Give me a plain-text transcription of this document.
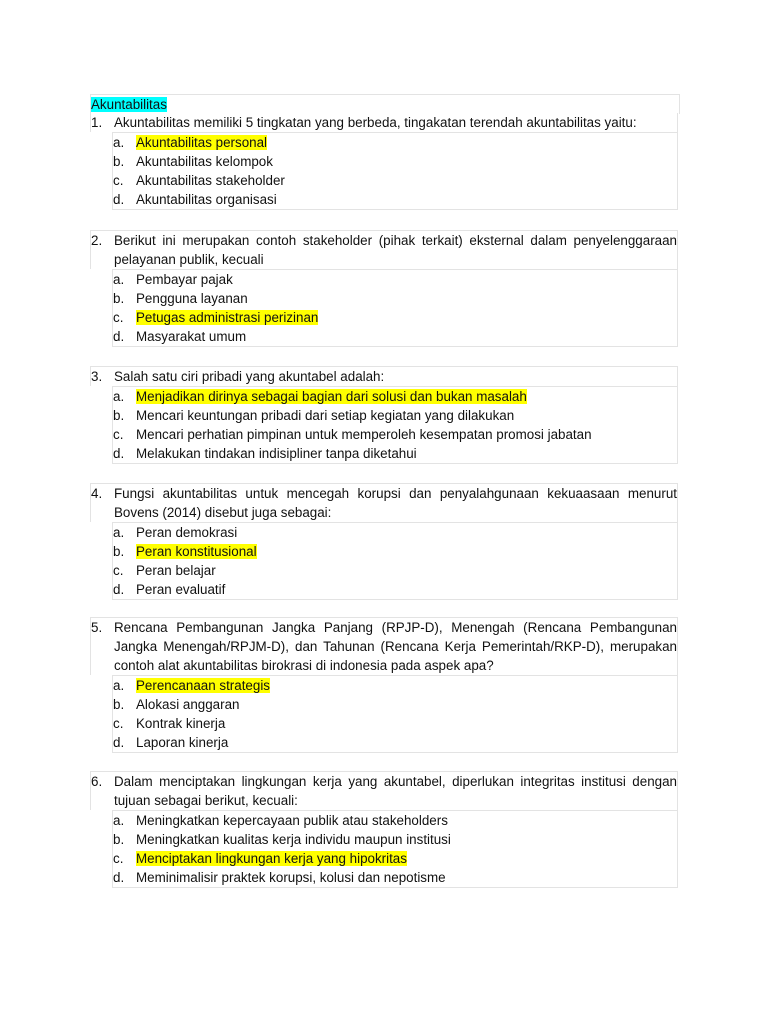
Akuntabilitas
1. Akuntabilitas memiliki 5 tingkatan yang berbeda, tingakatan terendah akuntabilitas yaitu:
a. Akuntabilitas personal
b. Akuntabilitas kelompok
c. Akuntabilitas stakeholder
d. Akuntabilitas organisasi
2. Berikut ini merupakan contoh stakeholder (pihak terkait) eksternal dalam penyelenggaraan pelayanan publik, kecuali
a. Pembayar pajak
b. Pengguna layanan
c. Petugas administrasi perizinan
d. Masyarakat umum
3. Salah satu ciri pribadi yang akuntabel adalah:
a. Menjadikan dirinya sebagai bagian dari solusi dan bukan masalah
b. Mencari keuntungan pribadi dari setiap kegiatan yang dilakukan
c. Mencari perhatian pimpinan untuk memperoleh kesempatan promosi jabatan
d. Melakukan tindakan indisipliner tanpa diketahui
4. Fungsi akuntabilitas untuk mencegah korupsi dan penyalahgunaan kekuaasaan menurut Bovens (2014) disebut juga sebagai:
a. Peran demokrasi
b. Peran konstitusional
c. Peran belajar
d. Peran evaluatif
5. Rencana Pembangunan Jangka Panjang (RPJP-D), Menengah (Rencana Pembangunan Jangka Menengah/RPJM-D), dan Tahunan (Rencana Kerja Pemerintah/RKP-D), merupakan contoh alat akuntabilitas birokrasi di indonesia pada aspek apa?
a. Perencanaan strategis
b. Alokasi anggaran
c. Kontrak kinerja
d. Laporan kinerja
6. Dalam menciptakan lingkungan kerja yang akuntabel, diperlukan integritas institusi dengan tujuan sebagai berikut, kecuali:
a. Meningkatkan kepercayaan publik atau stakeholders
b. Meningkatkan kualitas kerja individu maupun institusi
c. Menciptakan lingkungan kerja yang hipokritas
d. Meminimalisir praktek korupsi, kolusi dan nepotisme
